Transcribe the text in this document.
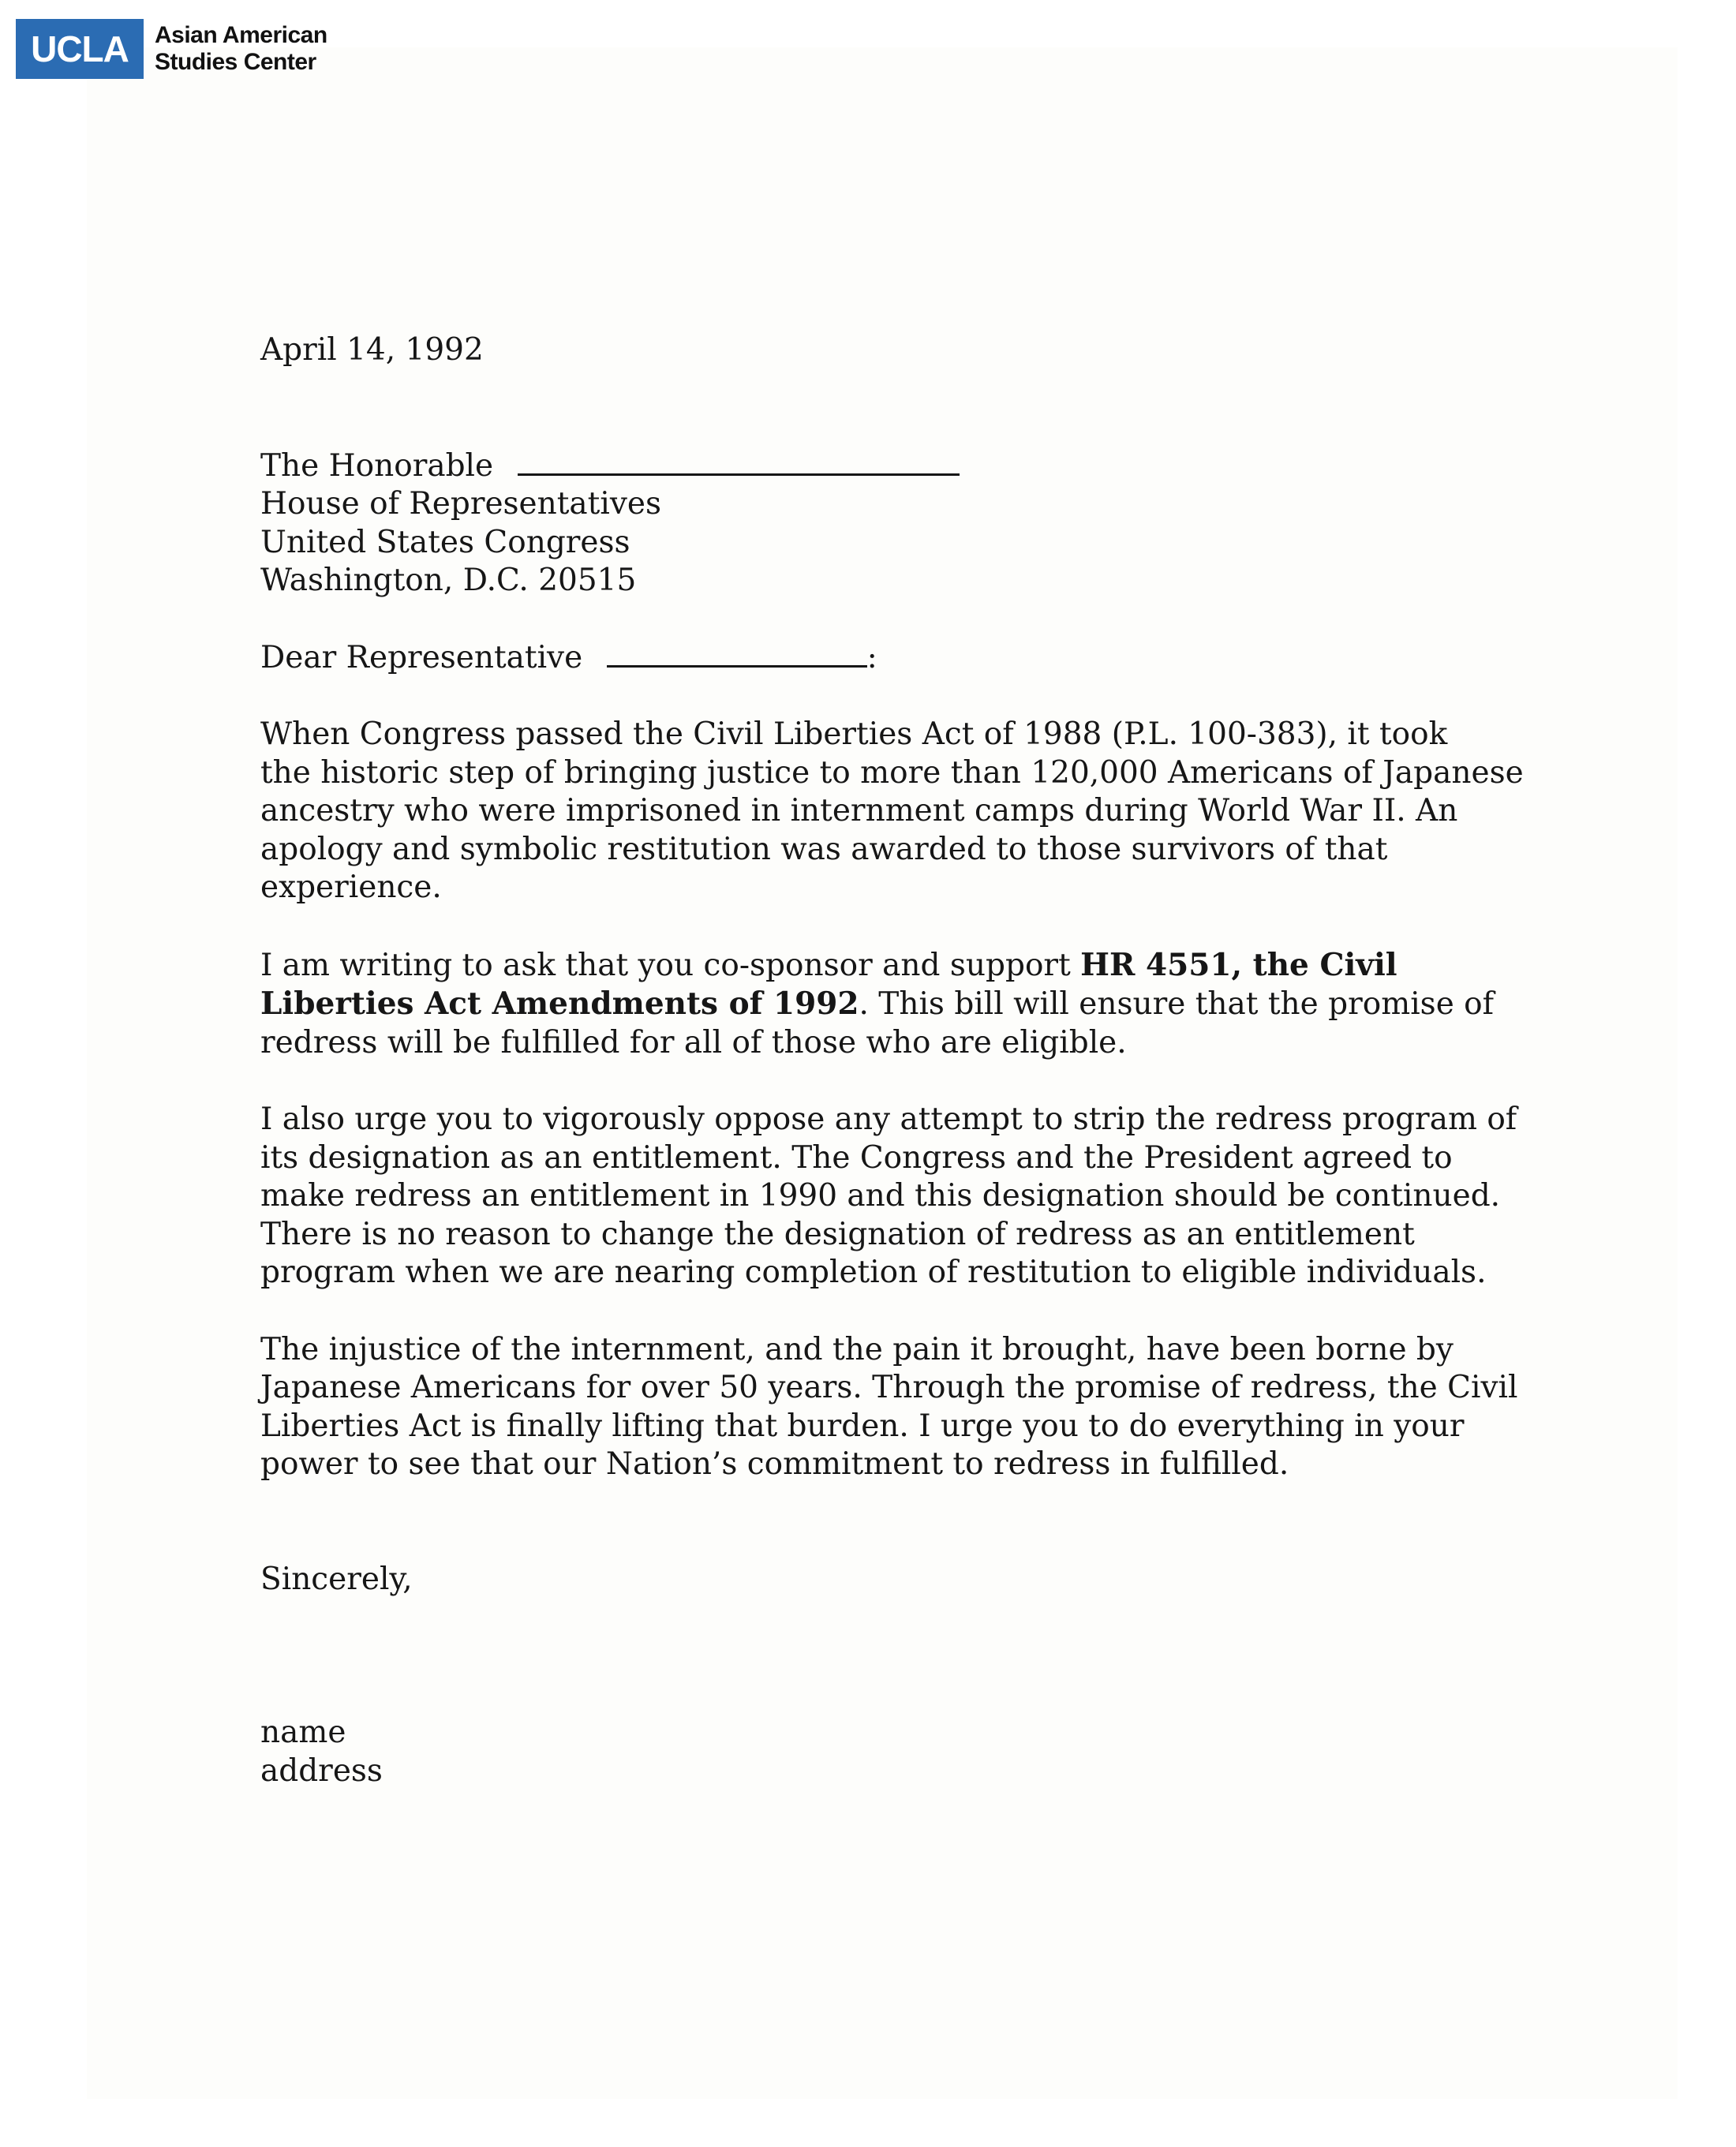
UCLA	Asian American
Studies Center
April 14, 1992
The Honorable
House of Representatives
United States Congress
Washington, D.C. 20515
Dear Representative	:
When Congress passed the Civil Liberties Act of 1988 (P.L. 100-383), it took
the historic step of bringing justice to more than 120,000 Americans of Japanese
ancestry who were imprisoned in internment camps during World War II. An
apology and symbolic restitution was awarded to those survivors of that
experience.
I am writing to ask that you co-sponsor and support HR 4551, the Civil
Liberties Act Amendments of 1992. This bill will ensure that the promise of
redress will be fulfilled for all of those who are eligible.
I also urge you to vigorously oppose any attempt to strip the redress program of
its designation as an entitlement. The Congress and the President agreed to
make redress an entitlement in 1990 and this designation should be continued.
There is no reason to change the designation of redress as an entitlement
program when we are nearing completion of restitution to eligible individuals.
The injustice of the internment, and the pain it brought, have been borne by
Japanese Americans for over 50 years. Through the promise of redress, the Civil
Liberties Act is finally lifting that burden. I urge you to do everything in your
power to see that our Nation’s commitment to redress in fulfilled.
Sincerely,
name
address
